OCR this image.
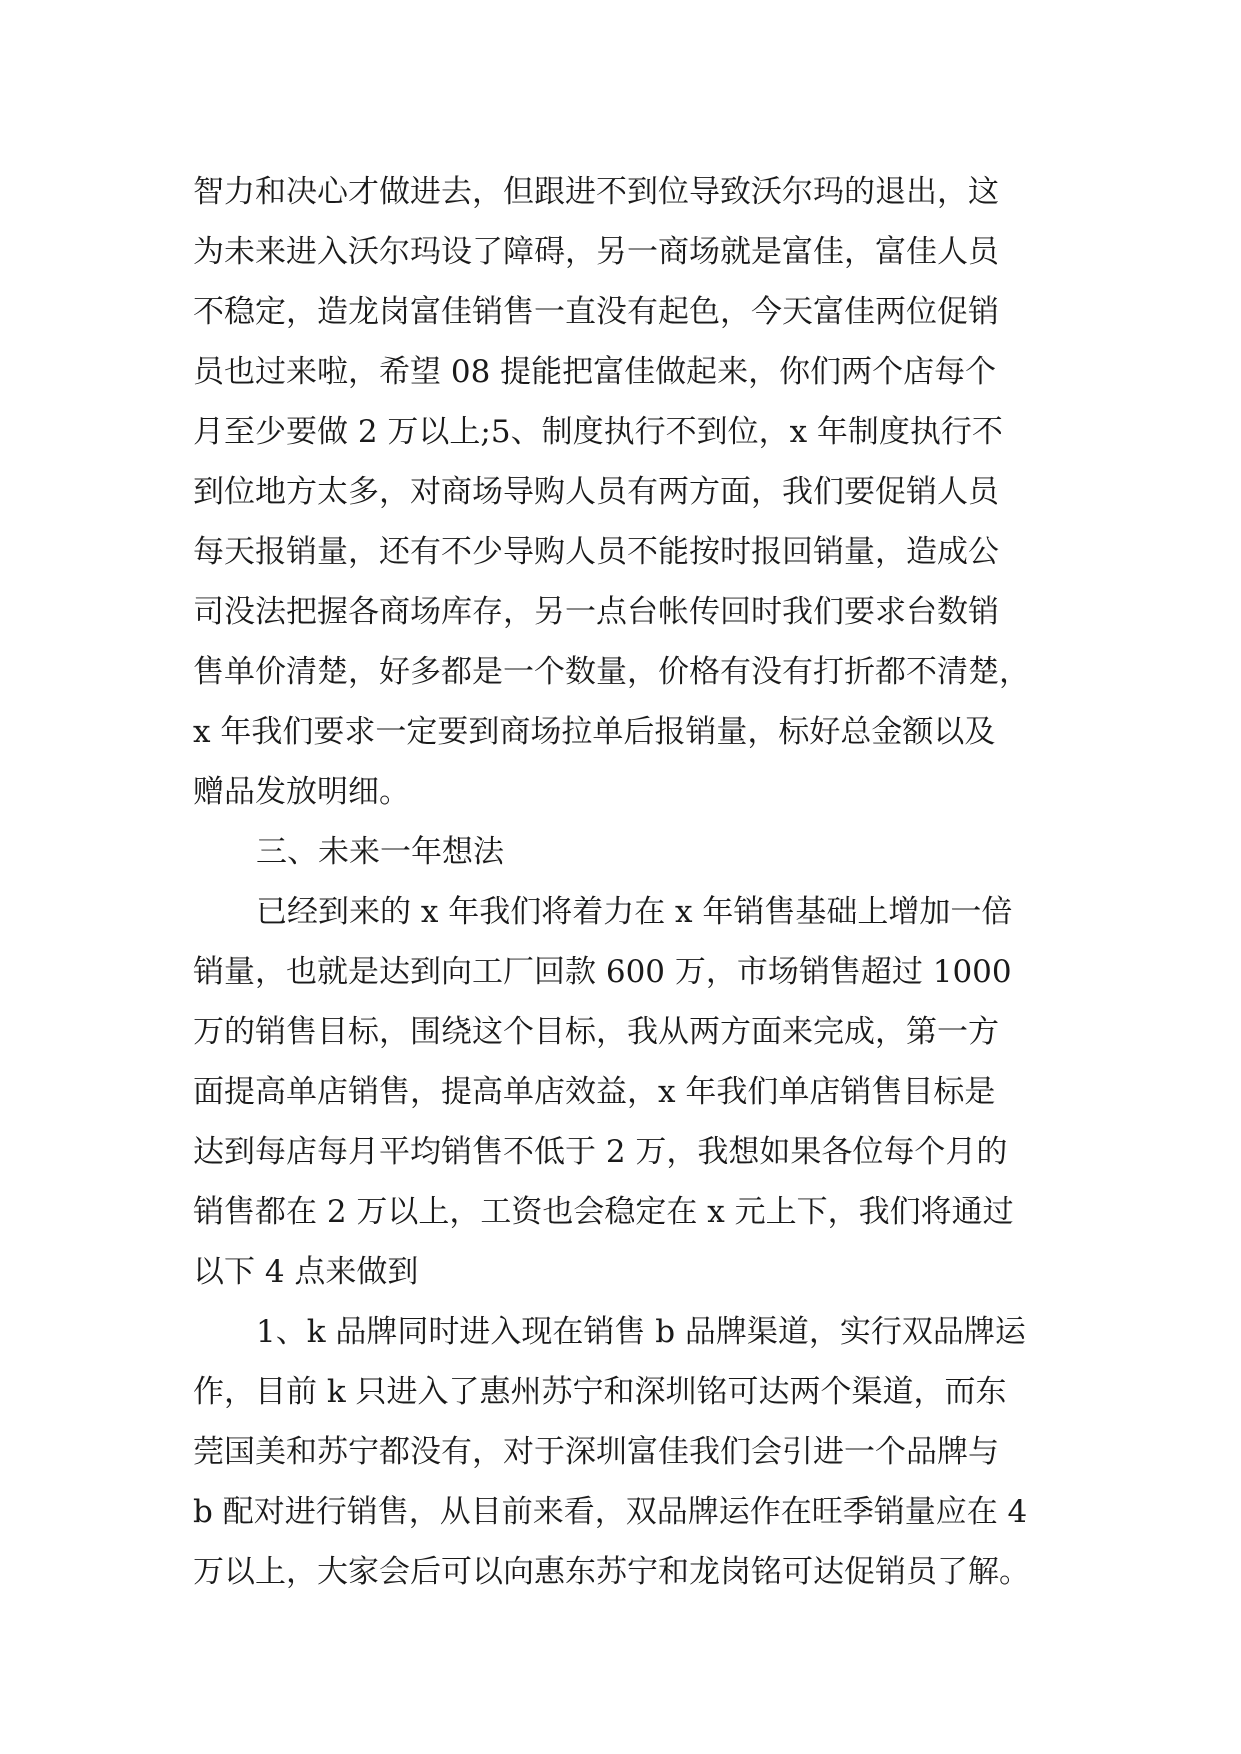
智力和决心才做进去，但跟进不到位导致沃尔玛的退出，这
为未来进入沃尔玛设了障碍，另一商场就是富佳，富佳人员
不稳定，造龙岗富佳销售一直没有起色，今天富佳两位促销
员也过来啦，希望 08 提能把富佳做起来，你们两个店每个
月至少要做 2 万以上;5、制度执行不到位，x 年制度执行不
到位地方太多，对商场导购人员有两方面，我们要促销人员
每天报销量，还有不少导购人员不能按时报回销量，造成公
司没法把握各商场库存，另一点台帐传回时我们要求台数销
售单价清楚，好多都是一个数量，价格有没有打折都不清楚，
x 年我们要求一定要到商场拉单后报销量，标好总金额以及
赠品发放明细。
三、未来一年想法
已经到来的 x 年我们将着力在 x 年销售基础上增加一倍
销量，也就是达到向工厂回款 600 万，市场销售超过 1000
万的销售目标，围绕这个目标，我从两方面来完成，第一方
面提高单店销售，提高单店效益，x 年我们单店销售目标是
达到每店每月平均销售不低于 2 万，我想如果各位每个月的
销售都在 2 万以上，工资也会稳定在 x 元上下，我们将通过
以下 4 点来做到
1、k 品牌同时进入现在销售 b 品牌渠道，实行双品牌运
作，目前 k 只进入了惠州苏宁和深圳铭可达两个渠道，而东
莞国美和苏宁都没有，对于深圳富佳我们会引进一个品牌与
b 配对进行销售，从目前来看，双品牌运作在旺季销量应在 4
万以上，大家会后可以向惠东苏宁和龙岗铭可达促销员了解。
